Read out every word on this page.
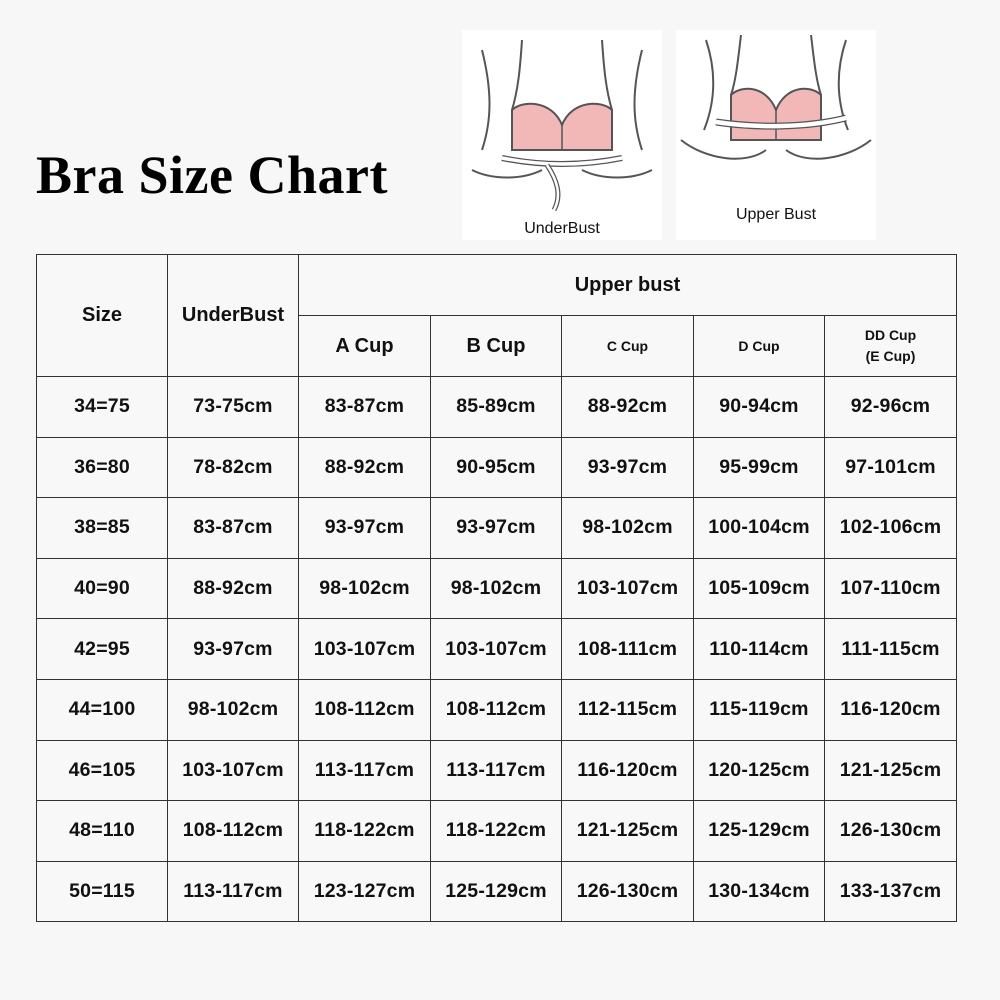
Bra Size Chart
UnderBust
Upper Bust
Size	UnderBust	Upper bust				
		A Cup	B Cup	C Cup	D Cup	DD Cup
(E Cup)

34=75	73-75cm	83-87cm	85-89cm	88-92cm	90-94cm	92-96cm
36=80	78-82cm	88-92cm	90-95cm	93-97cm	95-99cm	97-101cm
38=85	83-87cm	93-97cm	93-97cm	98-102cm	100-104cm	102-106cm
40=90	88-92cm	98-102cm	98-102cm	103-107cm	105-109cm	107-110cm
42=95	93-97cm	103-107cm	103-107cm	108-111cm	110-114cm	111-115cm
44=100	98-102cm	108-112cm	108-112cm	112-115cm	115-119cm	116-120cm
46=105	103-107cm	113-117cm	113-117cm	116-120cm	120-125cm	121-125cm
48=110	108-112cm	118-122cm	118-122cm	121-125cm	125-129cm	126-130cm
50=115	113-117cm	123-127cm	125-129cm	126-130cm	130-134cm	133-137cm
